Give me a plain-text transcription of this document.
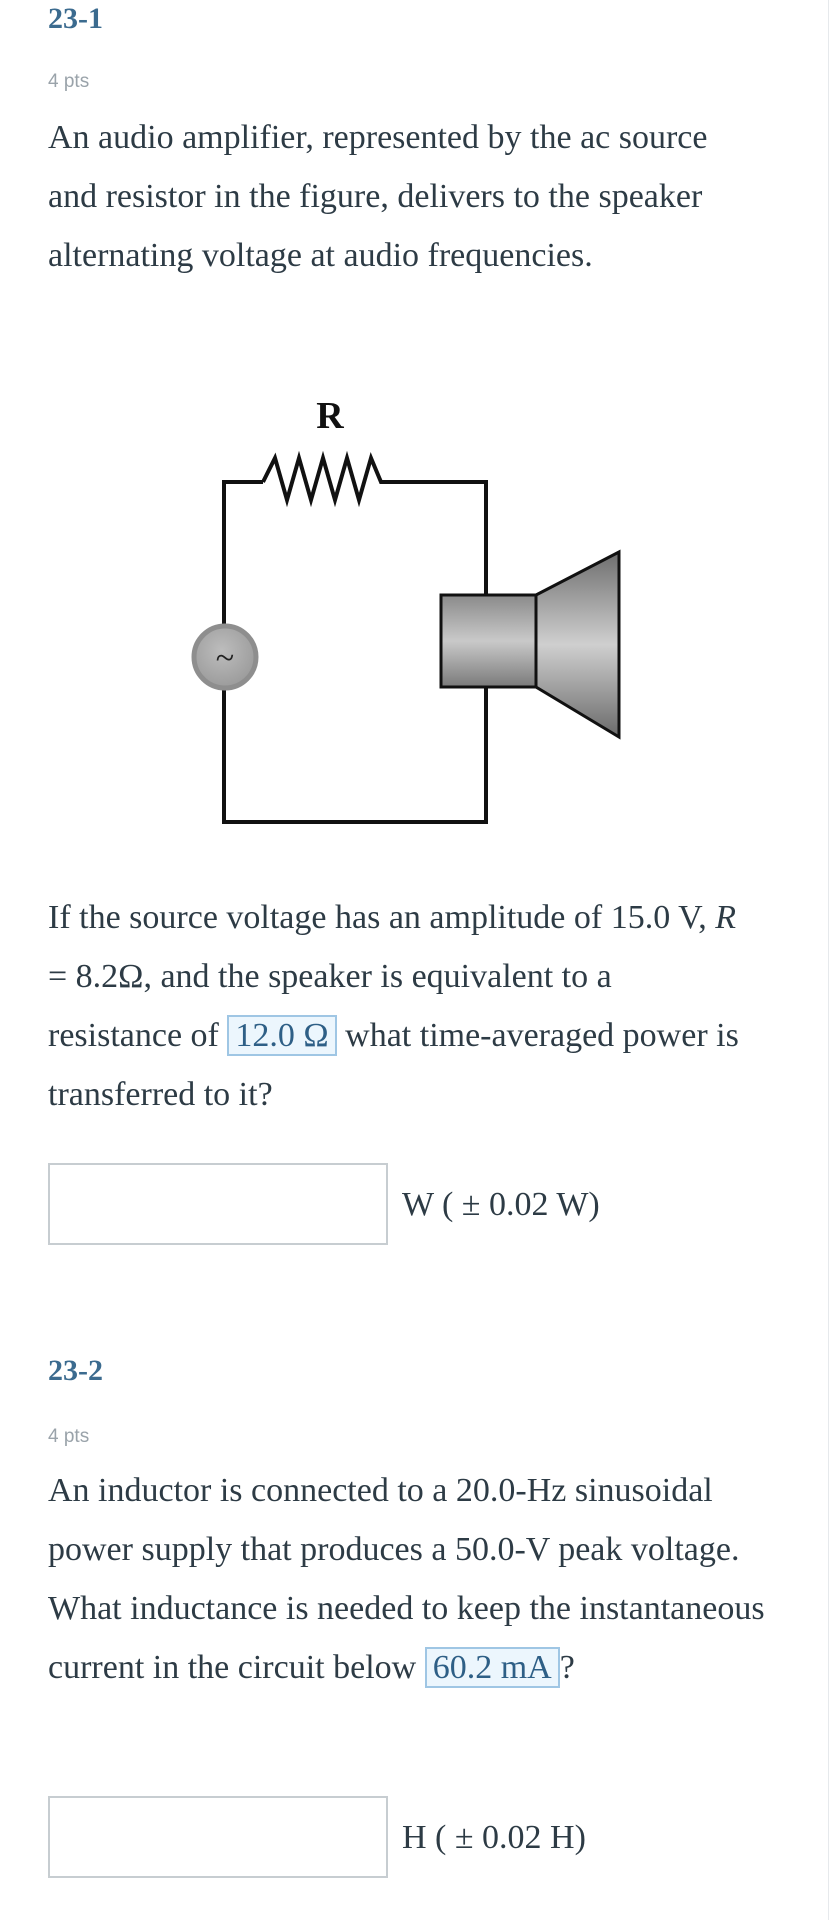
23-1
4 pts

An audio amplifier, represented by the ac source and resistor in the figure, delivers to the speaker alternating voltage at audio frequencies.

R
~

If the source voltage has an amplitude of 15.0 V, R = 8.2Ω, and the speaker is equivalent to a resistance of 12.0 Ω what time-averaged power is transferred to it?

W ( ± 0.02 W)
23-2
4 pts

An inductor is connected to a 20.0-Hz sinusoidal power supply that produces a 50.0-V peak voltage. What inductance is needed to keep the instantaneous current in the circuit below 60.2 mA ?

H ( ± 0.02 H)
